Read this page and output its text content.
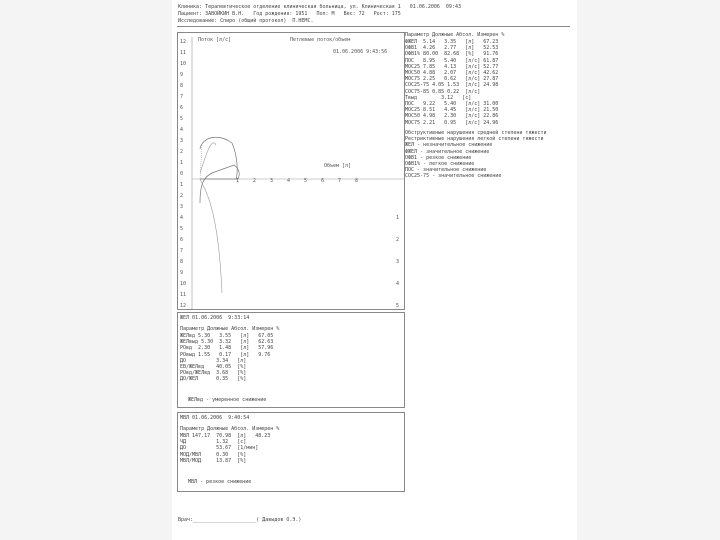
Клиника: Терапевтическое отделение клиническая больница, ул. Клиническая 1   01.06.2006  09:43
Пациент: ЗАВОЙКИН В.Н.   Год рождения: 1951   Пол: М   Вес: 72   Рост: 175
Исследование: Спиро (общий протокол)  П.НЕМС.
Поток [л/с]	Петлевые поток/объем
01.06.2006 9:43:56
Объем [л]
12
11
10
9
8
7
6
5
4
3
2
1
0
1
2
3
4
5
6
7
8
9
10
11
12
1	2	3	4	5	6	7	8
1
2
3
4
5
Параметр Должные Абсол. Измерен %
ФЖЕЛ  5.14   3.35   [л]   67.23
ОФВ1  4.26   2.77   [л]   52.53
ОФВ1% 80.00  82.68  [%]   91.76
ПОС   8.95   5.40   [л/с] 61.87
МОС25 7.85   4.13   [л/с] 52.77
МОС50 4.88   2.07   [л/с] 42.62
МОС75 2.25   0.62   [л/с] 27.87
СОС25-75 4.05 1.53  [л/с] 24.98
СОС75-85 0.85 0.22  [л/с]
Твыд        3.12   [с]
ПОС   9.22   5.40   [л/с] 31.00
МОС25 8.51   4.45   [л/с] 21.50
МОС50 4.98   2.30   [л/с] 22.86
МОС75 2.21   0.95   [л/с] 24.96
Обструктивные нарушения средней степени тяжести
Рестриктивные нарушения легкой степени тяжести
ЖЕЛ - незначительное снижение
ФЖЕЛ - значительное снижение
ОФВ1 - резкое снижение
ОФВ1% - легкое снижение
ПОС - значительное снижение
СОС25-75 - значительное снижение
ЖЕЛ 01.06.2006  9:33:14
Параметр Должные Абсол. Измерен %
ЖЕЛвд 5.30   3.55   [л]   67.05
ЖЕЛвыд 5.30  3.32   [л]   62.63
РОвд  2.30   1.48   [л]   57.96
РОвыд 1.55   0.17   [л]   9.76
ДО          3.34   [л]
ЕВ/ЖЕЛвд    40.05  [%]
РОвд/ЖЕЛвд  3.68   [%]
ДО/ЖЕЛ      0.35   [%]
ЖЕЛвд - умеренное снижение
МВЛ 01.06.2006  9:40:54
Параметр Должные Абсол. Измерен %
МВЛ 147.17  70.98  [л]   48.23
ЧД          1.32   [с]
ДО          53.67  [1/мин]
МОД/МВЛ     0.30   [%]
МВЛ/МОД     13.87  [%]
МВЛ - резкое снижение
Врач:_____________________( Давыдов О.Э.)
